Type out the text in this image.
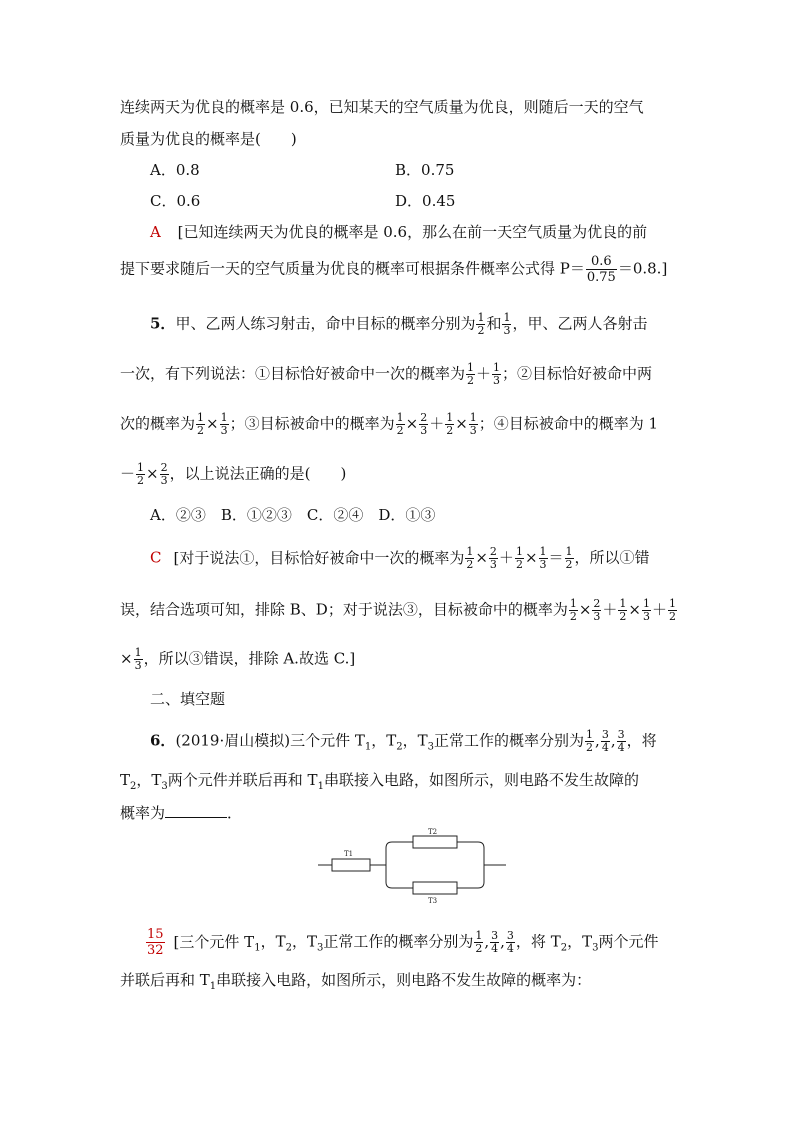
连续两天为优良的概率是 0.6，已知某天的空气质量为优良，则随后一天的空气
质量为优良的概率是(　　)
A．0.8	B．0.75
C．0.6	D．0.45
A [已知连续两天为优良的概率是 0.6，那么在前一天空气质量为优良的前
提下要求随后一天的空气质量为优良的概率可根据条件概率公式得 $P= \frac{0.6}{0.75} =0.8$.]
5．甲、乙两人练习射击，命中目标的概率分别为 $\frac{1}{2}$ 和 $\frac{1}{3}$ ，甲、乙两人各射击
一次，有下列说法：①目标恰好被命中一次的概率为 $\frac{1}{2} + \frac{1}{3}$ ；②目标恰好被命中两
次的概率为 $\frac{1}{2} \times \frac{1}{3}$ ；③目标被命中的概率为 $\frac{1}{2} \times \frac{2}{3} + \frac{1}{2} \times \frac{1}{3}$ ；④目标被命中的概率为 1
－ $\frac{1}{2} \times \frac{2}{3}$ ，以上说法正确的是(　　)
A．②③　B．①②③　C．②④　D．①③
C [对于说法①，目标恰好被命中一次的概率为 $\frac{1}{2} \times \frac{2}{3} + \frac{1}{2} \times \frac{1}{3} = \frac{1}{2}$ ，所以①错
误，结合选项可知，排除 B、D；对于说法③，目标被命中的概率为 $\frac{1}{2} \times \frac{2}{3} + \frac{1}{2} \times \frac{1}{3} + \frac{1}{2}$
× $\frac{1}{3}$ ，所以③错误，排除 A.故选 C.]
二、填空题
6．(2019·眉山模拟)三个元件 $T_1$，$T_2$，$T_3$正常工作的概率分别为 $\frac{1}{2}$ , $\frac{3}{4}$ , $\frac{3}{4}$ ，将
$T_2$，$T_3$两个元件并联后再和 $T_1$串联接入电路，如图所示，则电路不发生故障的
概率为	．
T1
T2
T3
$\frac{15}{32}$ [三个元件 $T_1$，$T_2$，$T_3$正常工作的概率分别为 $\frac{1}{2}$ , $\frac{3}{4}$ , $\frac{3}{4}$ ，将 $T_2$，$T_3$两个元件
并联后再和 $T_1$串联接入电路，如图所示，则电路不发生故障的概率为：
